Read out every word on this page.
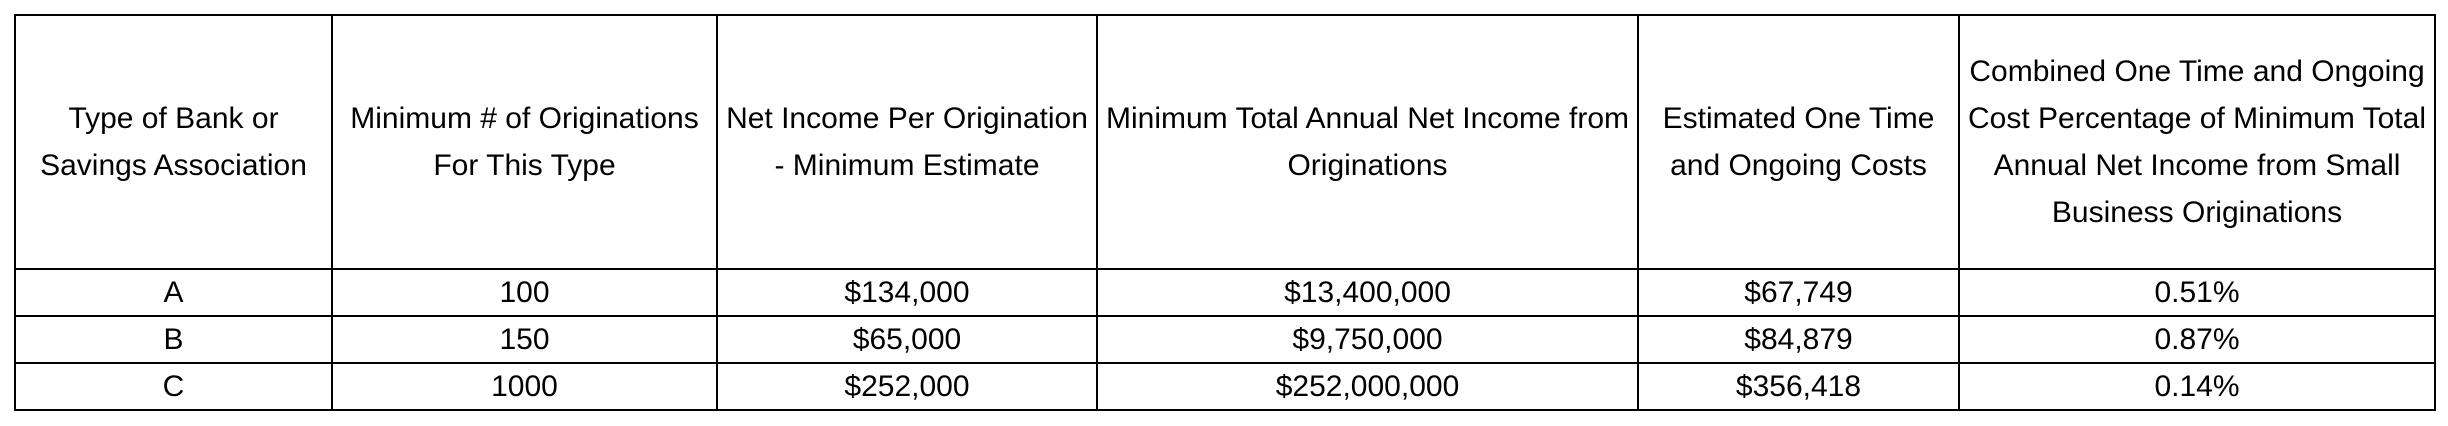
Type of Bank or Savings Association	Minimum # of Originations For This Type	Net Income Per Origination - Minimum Estimate	Minimum Total Annual Net Income from Originations	Estimated One Time and Ongoing Costs	Combined One Time and Ongoing Cost Percentage of Minimum Total Annual Net Income from Small Business Originations
A	100	$134,000	$13,400,000	$67,749	0.51%
B	150	$65,000	$9,750,000	$84,879	0.87%
C	1000	$252,000	$252,000,000	$356,418	0.14%
